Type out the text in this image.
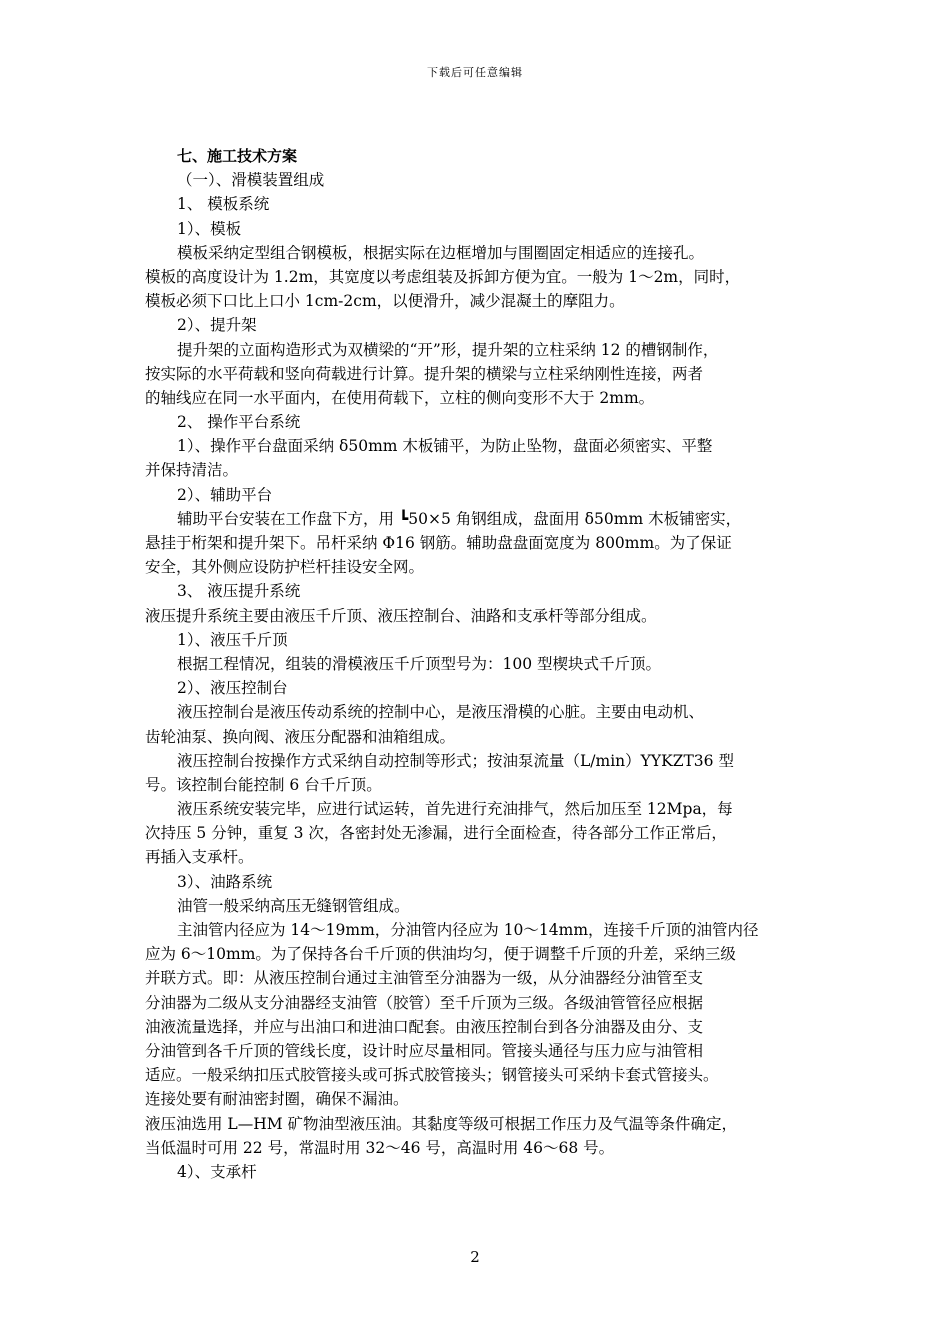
下载后可任意编辑
七、施工技术方案
（一）、滑模装置组成
1、 模板系统
1）、模板
模板采纳定型组合钢模板，根据实际在边框增加与围圈固定相适应的连接孔。
模板的高度设计为 1.2m，其宽度以考虑组装及拆卸方便为宜。一般为 1～2m，同时，
模板必须下口比上口小 1cm-2cm，以便滑升，减少混凝土的摩阻力。
2）、提升架
提升架的立面构造形式为双横梁的“开”形，提升架的立柱采纳 12 的槽钢制作，
按实际的水平荷载和竖向荷载进行计算。提升架的横梁与立柱采纳刚性连接，两者
的轴线应在同一水平面内，在使用荷载下，立柱的侧向变形不大于 2mm。
2、 操作平台系统
1）、操作平台盘面采纳 δ50mm 木板铺平，为防止坠物，盘面必须密实、平整
并保持清洁。
2）、辅助平台
辅助平台安装在工作盘下方，用 ┗50×5 角钢组成，盘面用 δ50mm 木板铺密实，
悬挂于桁架和提升架下。吊杆采纳 Φ16 钢筋。辅助盘盘面宽度为 800mm。为了保证
安全，其外侧应设防护栏杆挂设安全网。
3、 液压提升系统
液压提升系统主要由液压千斤顶、液压控制台、油路和支承杆等部分组成。
1）、液压千斤顶
根据工程情况，组装的滑模液压千斤顶型号为：100 型楔块式千斤顶。
2）、液压控制台
液压控制台是液压传动系统的控制中心，是液压滑模的心脏。主要由电动机、
齿轮油泵、换向阀、液压分配器和油箱组成。
液压控制台按操作方式采纳自动控制等形式；按油泵流量（L/min）YYKZT36 型
号。该控制台能控制 6 台千斤顶。
液压系统安装完毕，应进行试运转，首先进行充油排气，然后加压至 12Mpa，每
次持压 5 分钟，重复 3 次，各密封处无渗漏，进行全面检查，待各部分工作正常后，
再插入支承杆。
3）、油路系统
油管一般采纳高压无缝钢管组成。
主油管内径应为 14～19mm，分油管内径应为 10～14mm，连接千斤顶的油管内径
应为 6～10mm。为了保持各台千斤顶的供油均匀，便于调整千斤顶的升差，采纳三级
并联方式。即：从液压控制台通过主油管至分油器为一级，从分油器经分油管至支
分油器为二级从支分油器经支油管（胶管）至千斤顶为三级。各级油管管径应根据
油液流量选择，并应与出油口和进油口配套。由液压控制台到各分油器及由分、支
分油管到各千斤顶的管线长度，设计时应尽量相同。管接头通径与压力应与油管相
适应。一般采纳扣压式胶管接头或可拆式胶管接头；钢管接头可采纳卡套式管接头。
连接处要有耐油密封圈，确保不漏油。
液压油选用 L—HM 矿物油型液压油。其黏度等级可根据工作压力及气温等条件确定，
当低温时可用 22 号，常温时用 32～46 号，高温时用 46～68 号。
4）、支承杆
2
